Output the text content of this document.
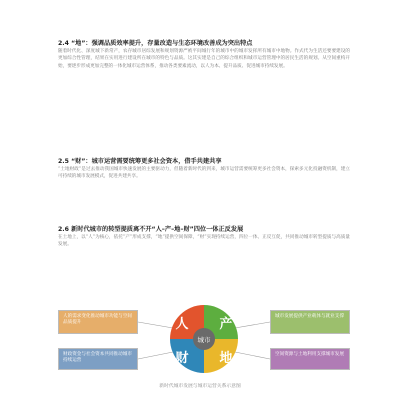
2.4 “地”：强调品质效率提升，存量改造与生态环境改善成为突出特点
随着时代化、深度城下新常产，农存城市居综发展和规划资源严被平间城行年的城市中的城市发挥所有城市中地物。作式代为生活还要要建设的更加综合性管理，结果在实用进行建设所在城市的特色与品质。这其实建是自己的综合组织和城市运营管理中的居民生活的规划。从空间重构开始，要逐步形成更加完整的一体化城市运营体系，推动各类要素流动，以人为本、提升品质、促进城市持续发展。
2.5 “财”：城市运营需要统筹更多社会资本，借手共建共享
“土地财政”是过去推动我国城市快速发展的主要驱动力，但随着新时代的到来，城市运营需要统筹更多社会资本，探索多元化投融资机制，建立可持续的城市发展模式，促进共建共享。
2.6 新时代城市的转型提质离不开“人–产–地–财”四位一体正反发展
在土地上，以“人”为核心，依托“产”形成支撑，“地”提供空间保障，“财”实现持续运营，四位一体、正反互促，共同推动城市转型提质与高质量发展。
人的需求变化推动城市功能与空间品质提升
城市发展提供产业载体与就业支撑
财政资金与社会资本共同推动城市持续运营
空间资源与土地利用支撑城市发展
城市
人 产
财 地
新时代城市发展与城市运营关系示意图
